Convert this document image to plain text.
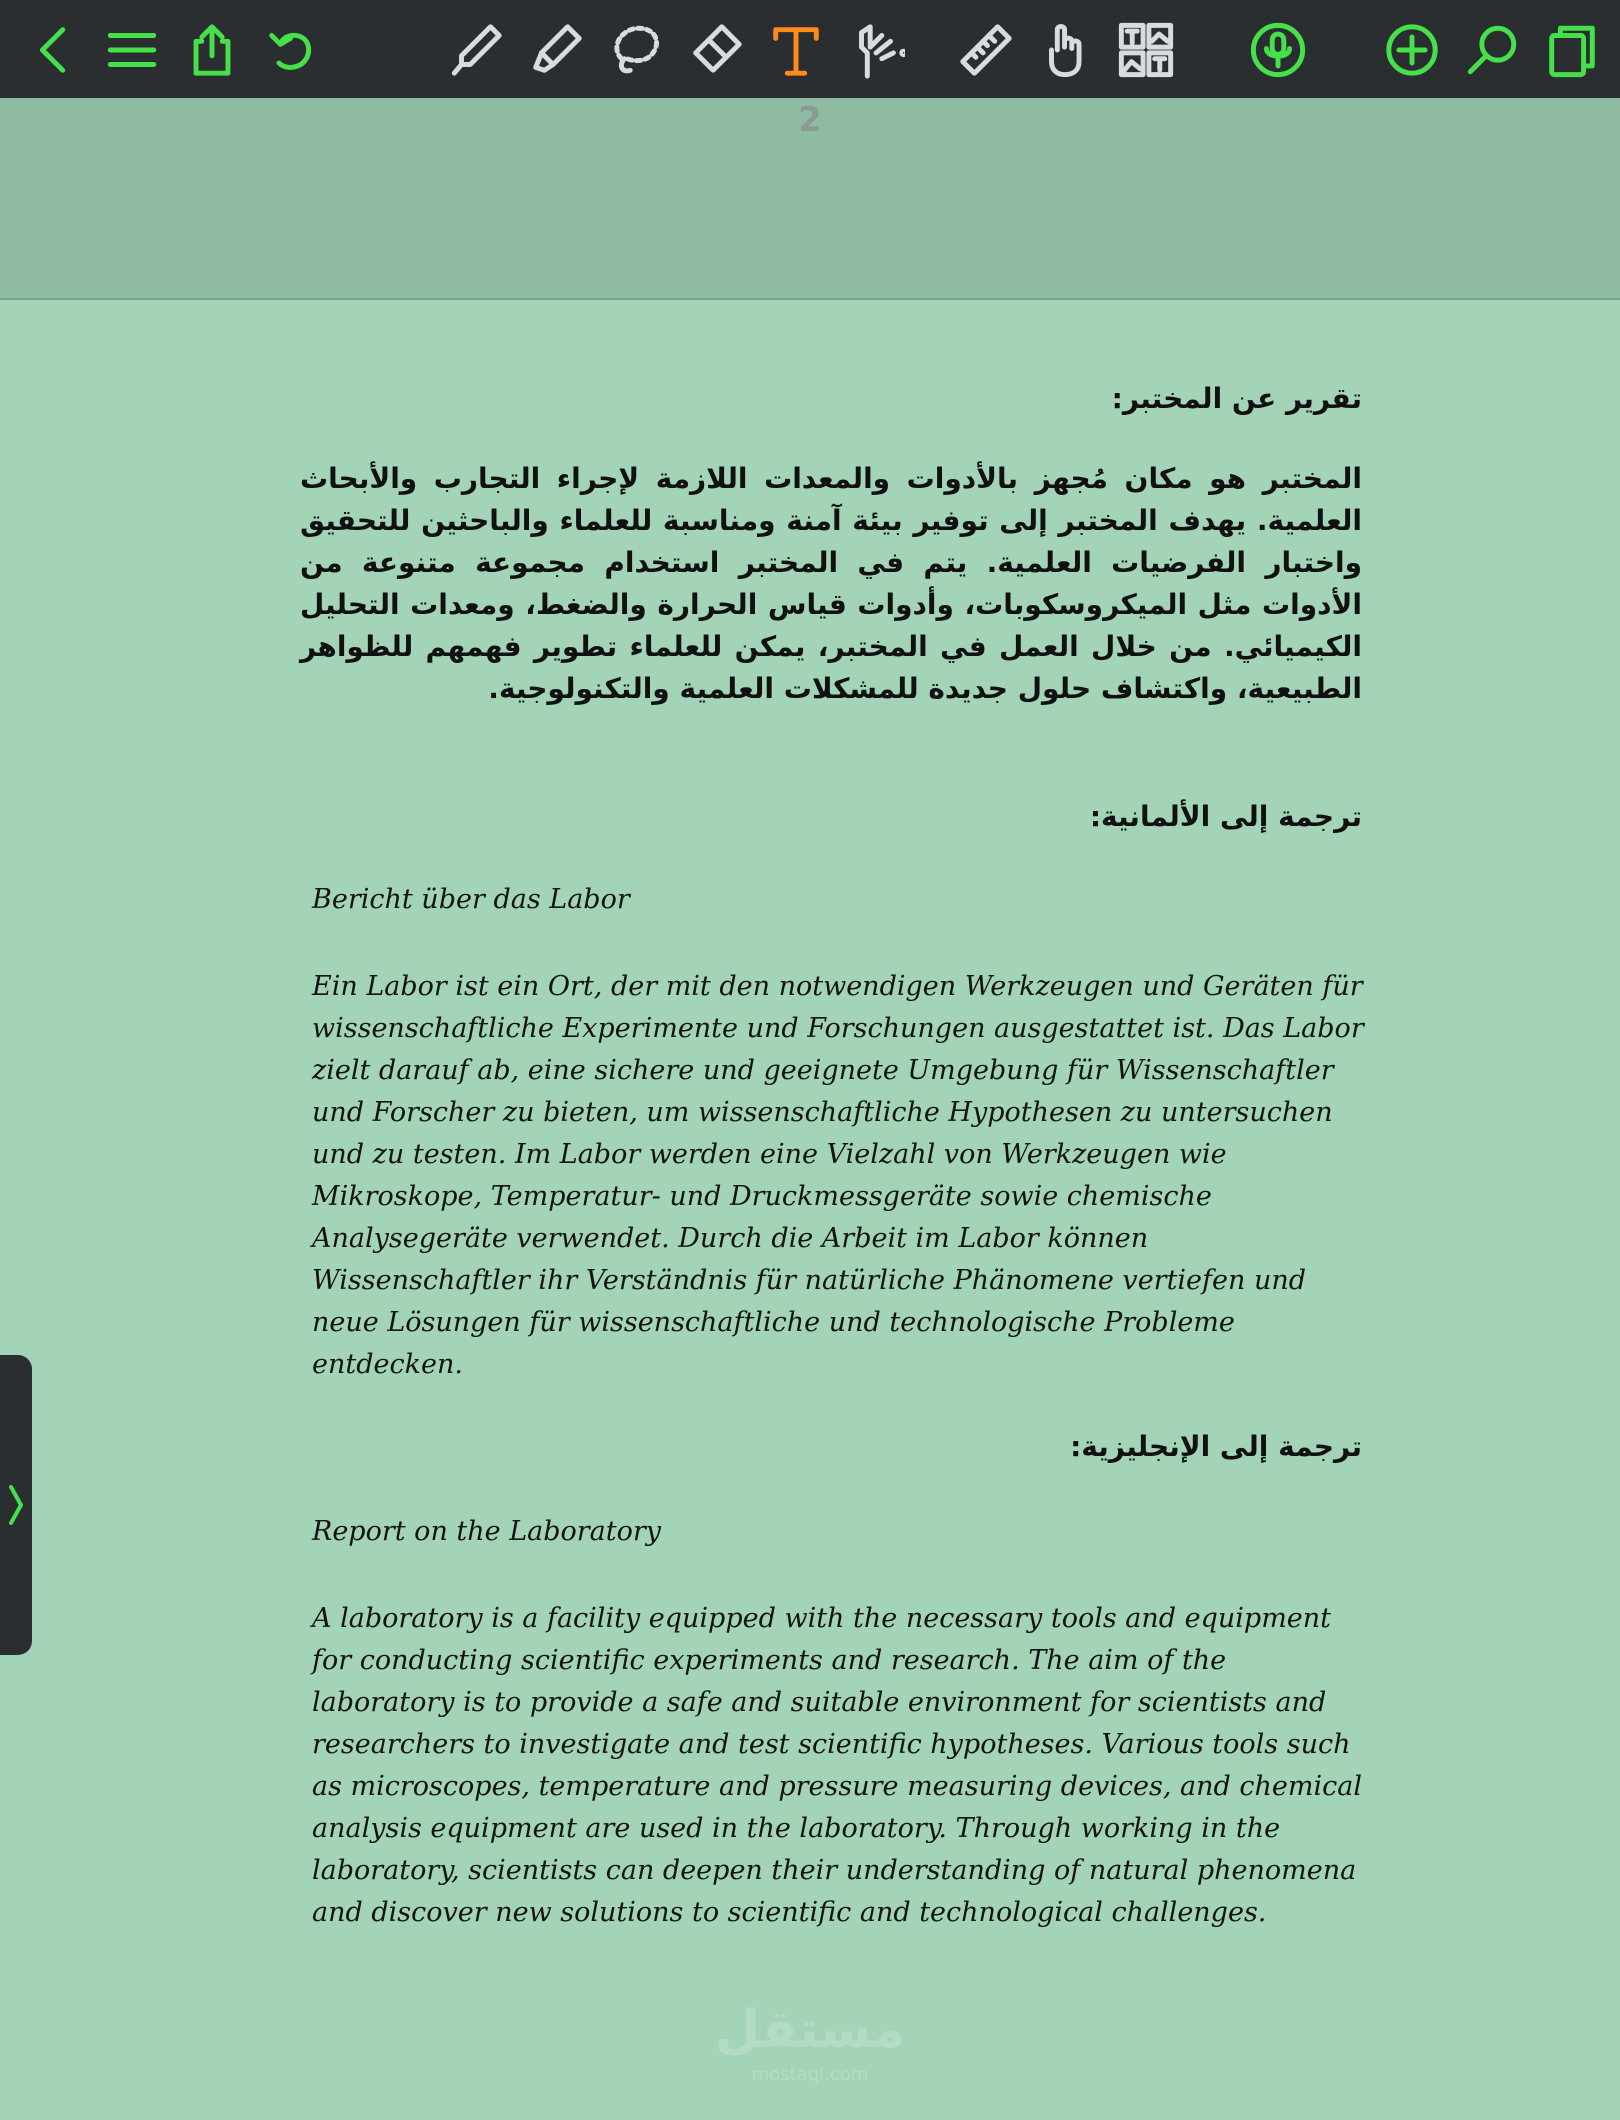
2
تقرير عن المختبر:
المختبر هو مكان مُجهز بالأدوات والمعدات اللازمة لإجراء التجارب والأبحاث العلمية. يهدف المختبر إلى توفير بيئة آمنة ومناسبة للعلماء والباحثين للتحقيق واختبار الفرضيات العلمية. يتم في المختبر استخدام مجموعة متنوعة من الأدوات مثل الميكروسكوبات، وأدوات قياس الحرارة والضغط، ومعدات التحليل الكيميائي. من خلال العمل في المختبر، يمكن للعلماء تطوير فهمهم للظواهر الطبيعية، واكتشاف حلول جديدة للمشكلات العلمية والتكنولوجية.
ترجمة إلى الألمانية:
Bericht über das Labor
Ein Labor ist ein Ort, der mit den notwendigen Werkzeugen und Geräten für wissenschaftliche Experimente und Forschungen ausgestattet ist. Das Labor zielt darauf ab, eine sichere und geeignete Umgebung für Wissenschaftler und Forscher zu bieten, um wissenschaftliche Hypothesen zu untersuchen und zu testen. Im Labor werden eine Vielzahl von Werkzeugen wie Mikroskope, Temperatur- und Druckmessgeräte sowie chemische Analysegeräte verwendet. Durch die Arbeit im Labor können Wissenschaftler ihr Verständnis für natürliche Phänomene vertiefen und neue Lösungen für wissenschaftliche und technologische Probleme entdecken.
ترجمة إلى الإنجليزية:
Report on the Laboratory
A laboratory is a facility equipped with the necessary tools and equipment for conducting scientific experiments and research. The aim of the laboratory is to provide a safe and suitable environment for scientists and researchers to investigate and test scientific hypotheses. Various tools such as microscopes, temperature and pressure measuring devices, and chemical analysis equipment are used in the laboratory. Through working in the laboratory, scientists can deepen their understanding of natural phenomena and discover new solutions to scientific and technological challenges.
مستقل
mostaql.com
